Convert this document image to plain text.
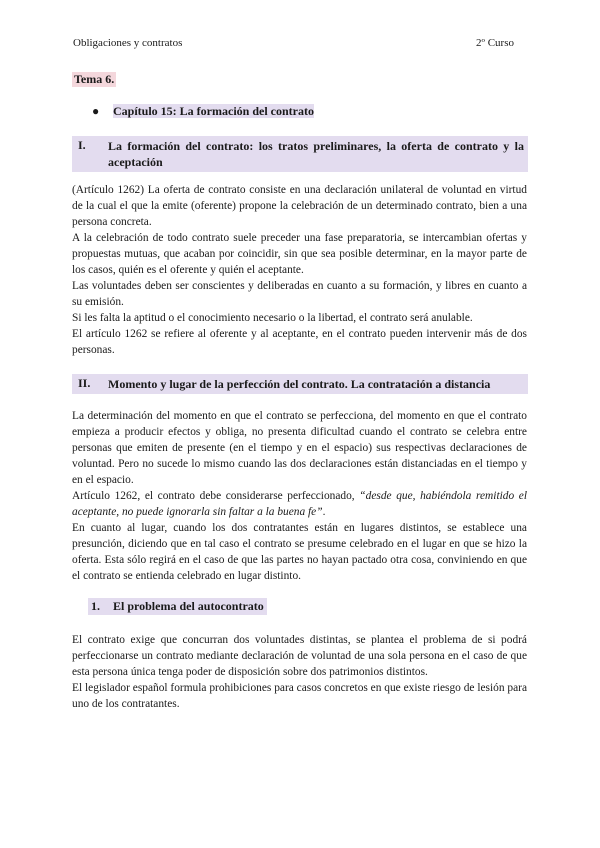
Obligaciones y contratos	2º Curso
Tema 6.
● Capítulo 15: La formación del contrato
I.	La formación del contrato: los tratos preliminares, la oferta de contrato y la aceptación

(Artículo 1262) La oferta de contrato consiste en una declaración unilateral de voluntad en virtud de la cual el que la emite (oferente) propone la celebración de un determinado contrato, bien a una persona concreta.

A la celebración de todo contrato suele preceder una fase preparatoria, se intercambian ofertas y propuestas mutuas, que acaban por coincidir, sin que sea posible determinar, en la mayor parte de los casos, quién es el oferente y quién el aceptante.

Las voluntades deben ser conscientes y deliberadas en cuanto a su formación, y libres en cuanto a su emisión.

Si les falta la aptitud o el conocimiento necesario o la libertad, el contrato será anulable.

El artículo 1262 se refiere al oferente y al aceptante, en el contrato pueden intervenir más de dos personas.

II.	Momento y lugar de la perfección del contrato. La contratación a distancia

La determinación del momento en que el contrato se perfecciona, del momento en que el contrato empieza a producir efectos y obliga, no presenta dificultad cuando el contrato se celebra entre personas que emiten de presente (en el tiempo y en el espacio) sus respectivas declaraciones de voluntad. Pero no sucede lo mismo cuando las dos declaraciones están distanciadas en el tiempo y en el espacio.

Artículo 1262, el contrato debe considerarse perfeccionado, “desde que, habiéndola remitido el aceptante, no puede ignorarla sin faltar a la buena fe”.

En cuanto al lugar, cuando los dos contratantes están en lugares distintos, se establece una presunción, diciendo que en tal caso el contrato se presume celebrado en el lugar en que se hizo la oferta. Esta sólo regirá en el caso de que las partes no hayan pactado otra cosa, conviniendo en que el contrato se entienda celebrado en lugar distinto.

1.	El problema del autocontrato

El contrato exige que concurran dos voluntades distintas, se plantea el problema de si podrá perfeccionarse un contrato mediante declaración de voluntad de una sola persona en el caso de que esta persona única tenga poder de disposición sobre dos patrimonios distintos.

El legislador español formula prohibiciones para casos concretos en que existe riesgo de lesión para uno de los contratantes.
